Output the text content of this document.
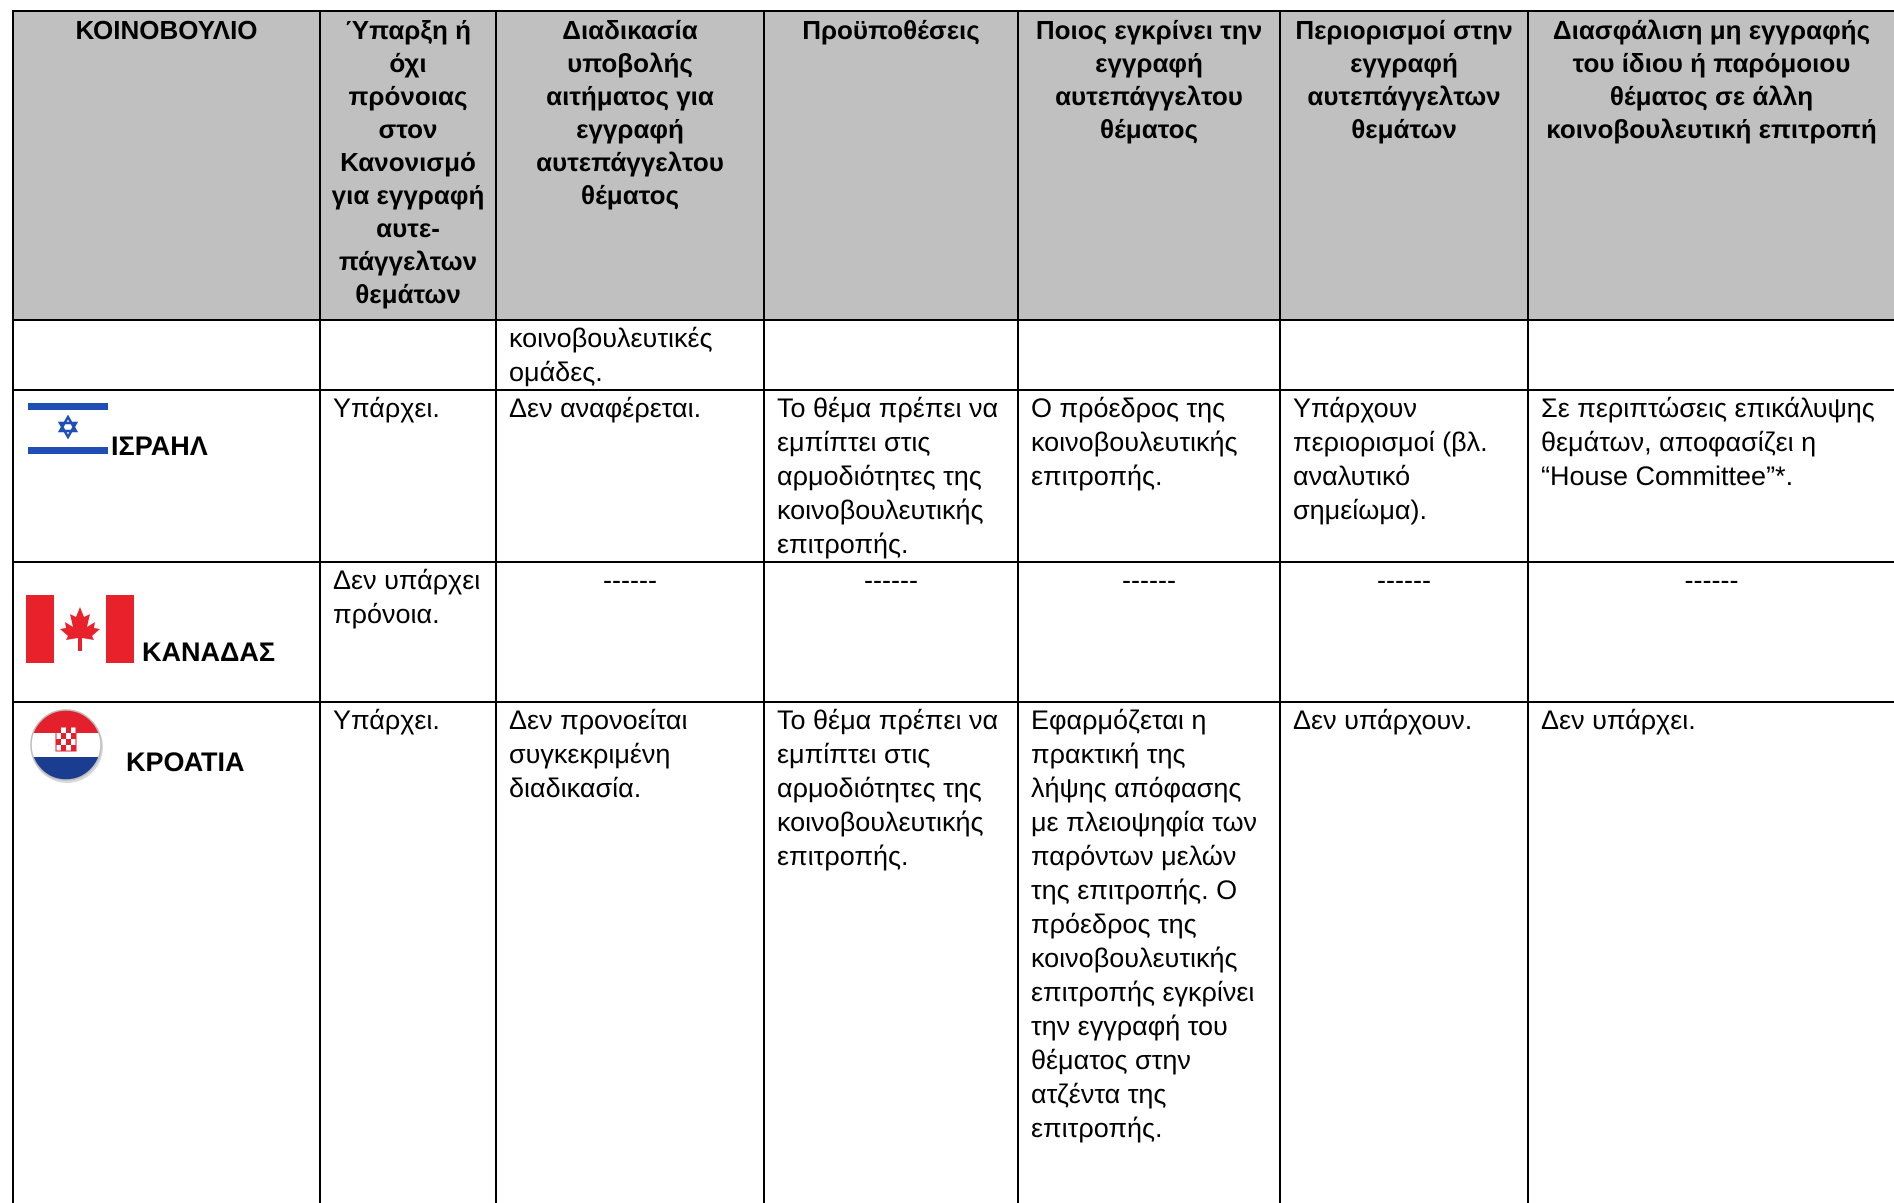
ΚΟΙΝΟΒΟΥΛΙΟ	Ύπαρξη ή όχι πρόνοιας στον Κανονισμό για εγγραφή αυτε-πάγγελτων θεμάτων	Διαδικασία υποβολής αιτήματος για εγγραφή αυτεπάγγελτου θέματος	Προϋποθέσεις	Ποιος εγκρίνει την εγγραφή αυτεπάγγελτου θέματος	Περιορισμοί στην εγγραφή αυτεπάγγελτων θεμάτων	Διασφάλιση μη εγγραφής του ίδιου ή παρόμοιου θέματος σε άλλη κοινοβουλευτική επιτροπή
		κοινοβουλευτικές ομάδες.				

ΙΣΡΑΗΛ	Υπάρχει.	Δεν αναφέρεται.	Το θέμα πρέπει να εμπίπτει στις αρμοδιότητες της κοινοβουλευτικής επιτροπής.	Ο πρόεδρος της κοινοβουλευτικής επιτροπής.	Υπάρχουν περιορισμοί (βλ. αναλυτικό σημείωμα).	Σε περιπτώσεις επικάλυψης θεμάτων, αποφασίζει η “House Committee”*.

ΚΑΝΑΔΑΣ	Δεν υπάρχει πρόνοια.	------	------	------	------	------

ΚΡΟΑΤΙΑ	Υπάρχει.	Δεν προνοείται συγκεκριμένη διαδικασία.	Το θέμα πρέπει να εμπίπτει στις αρμοδιότητες της κοινοβουλευτικής επιτροπής.	Εφαρμόζεται η πρακτική της λήψης απόφασης με πλειοψηφία των παρόντων μελών της επιτροπής. Ο πρόεδρος της κοινοβουλευτικής επιτροπής εγκρίνει την εγγραφή του θέματος στην ατζέντα της επιτροπής.	Δεν υπάρχουν.	Δεν υπάρχει.
